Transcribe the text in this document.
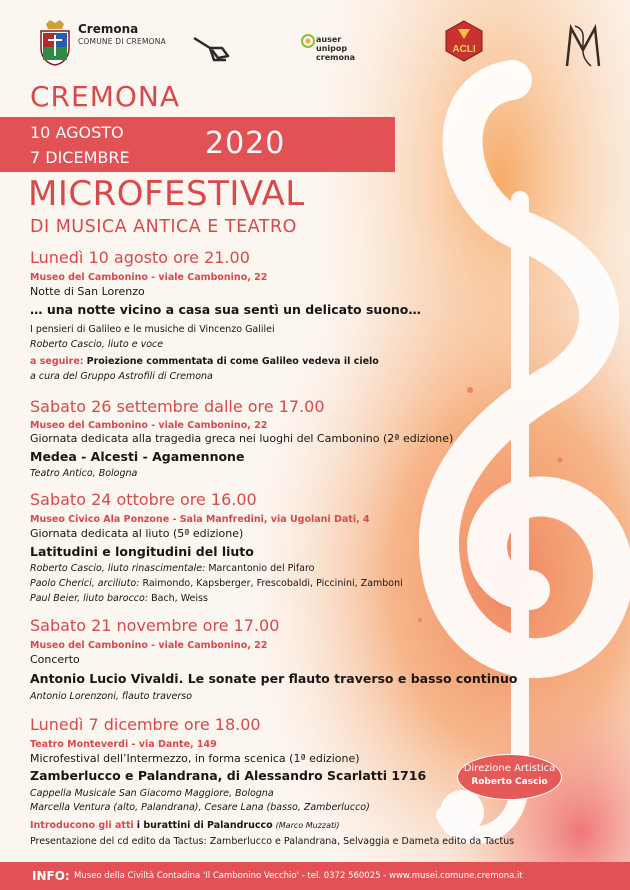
Cremona
COMUNE DI CREMONA	auser
unipop
cremona
ACLI
CREMONA
10 AGOSTO
7 DICEMBRE	2020
MICROFESTIVAL
DI MUSICA ANTICA E TEATRO
Lunedì 10 agosto ore 21.00
Museo del Cambonino - viale Cambonino, 22
Notte di San Lorenzo
… una notte vicino a casa sua sentì un delicato suono…
I pensieri di Galileo e le musiche di Vincenzo Galilei
Roberto Cascio, liuto e voce
a seguire: Proiezione commentata di come Galileo vedeva il cielo
a cura del Gruppo Astrofili di Cremona
Sabato 26 settembre dalle ore 17.00
Museo del Cambonino - viale Cambonino, 22
Giornata dedicata alla tragedia greca nei luoghi del Cambonino (2ª edizione)
Medea - Alcesti - Agamennone
Teatro Antico, Bologna
Sabato 24 ottobre ore 16.00
Museo Civico Ala Ponzone - Sala Manfredini, via Ugolani Dati, 4
Giornata dedicata al liuto (5ª edizione)
Latitudini e longitudini del liuto
Roberto Cascio, liuto rinascimentale: Marcantonio del Pifaro
Paolo Cherici, arciliuto: Raimondo, Kapsberger, Frescobaldi, Piccinini, Zamboni
Paul Beier, liuto barocco: Bach, Weiss
Sabato 21 novembre ore 17.00
Museo del Cambonino - viale Cambonino, 22
Concerto
Antonio Lucio Vivaldi. Le sonate per flauto traverso e basso continuo
Antonio Lorenzoni, flauto traverso
Lunedì 7 dicembre ore 18.00
Teatro Monteverdi - via Dante, 149
Microfestival dell’Intermezzo, in forma scenica (1ª edizione)
Zamberlucco e Palandrana, di Alessandro Scarlatti 1716
Cappella Musicale San Giacomo Maggiore, Bologna
Marcella Ventura (alto, Palandrana), Cesare Lana (basso, Zamberlucco)
Introducono gli atti i burattini di Palandrucco (Marco Muzzati)
Presentazione del cd edito da Tactus: Zamberlucco e Palandrana, Selvaggia e Dameta edito da Tactus
Direzione Artistica
Roberto Cascio
INFO: Museo della Civiltà Contadina 'Il Cambonino Vecchio' - tel. 0372 560025 - www.musei.comune.cremona.it
